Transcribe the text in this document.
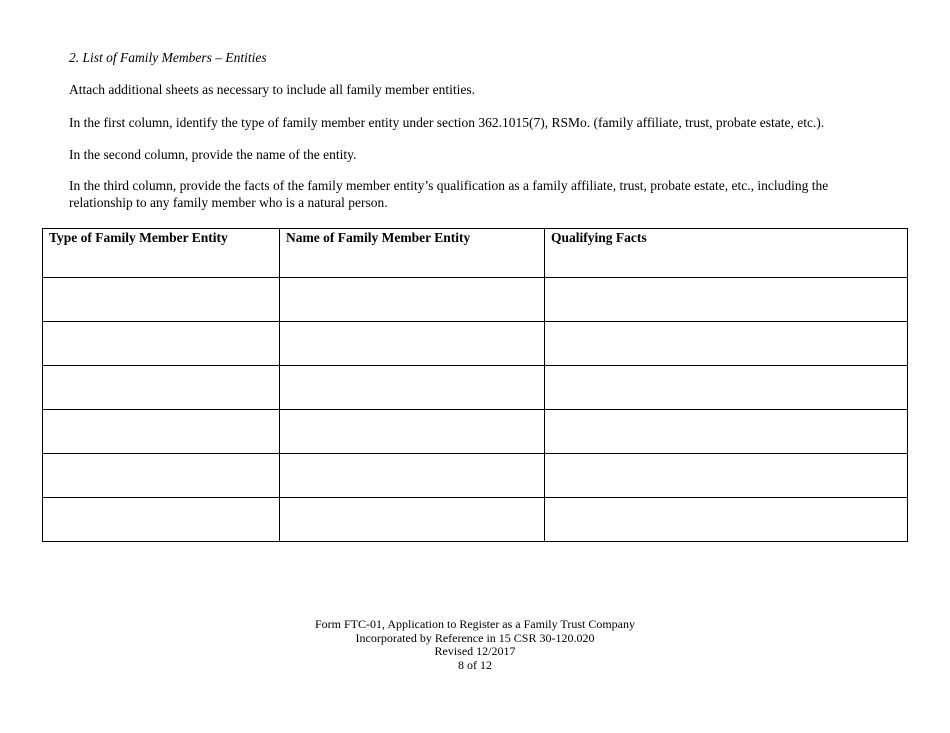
2. List of Family Members – Entities
Attach additional sheets as necessary to include all family member entities.
In the first column, identify the type of family member entity under section 362.1015(7), RSMo. (family affiliate, trust, probate estate, etc.).
In the second column, provide the name of the entity.
In the third column, provide the facts of the family member entity’s qualification as a family affiliate, trust, probate estate, etc., including the relationship to any family member who is a natural person.
Type of Family Member Entity	Name of Family Member Entity	Qualifying Facts

Form FTC-01, Application to Register as a Family Trust Company
Incorporated by Reference in 15 CSR 30-120.020
Revised 12/2017
8 of 12
